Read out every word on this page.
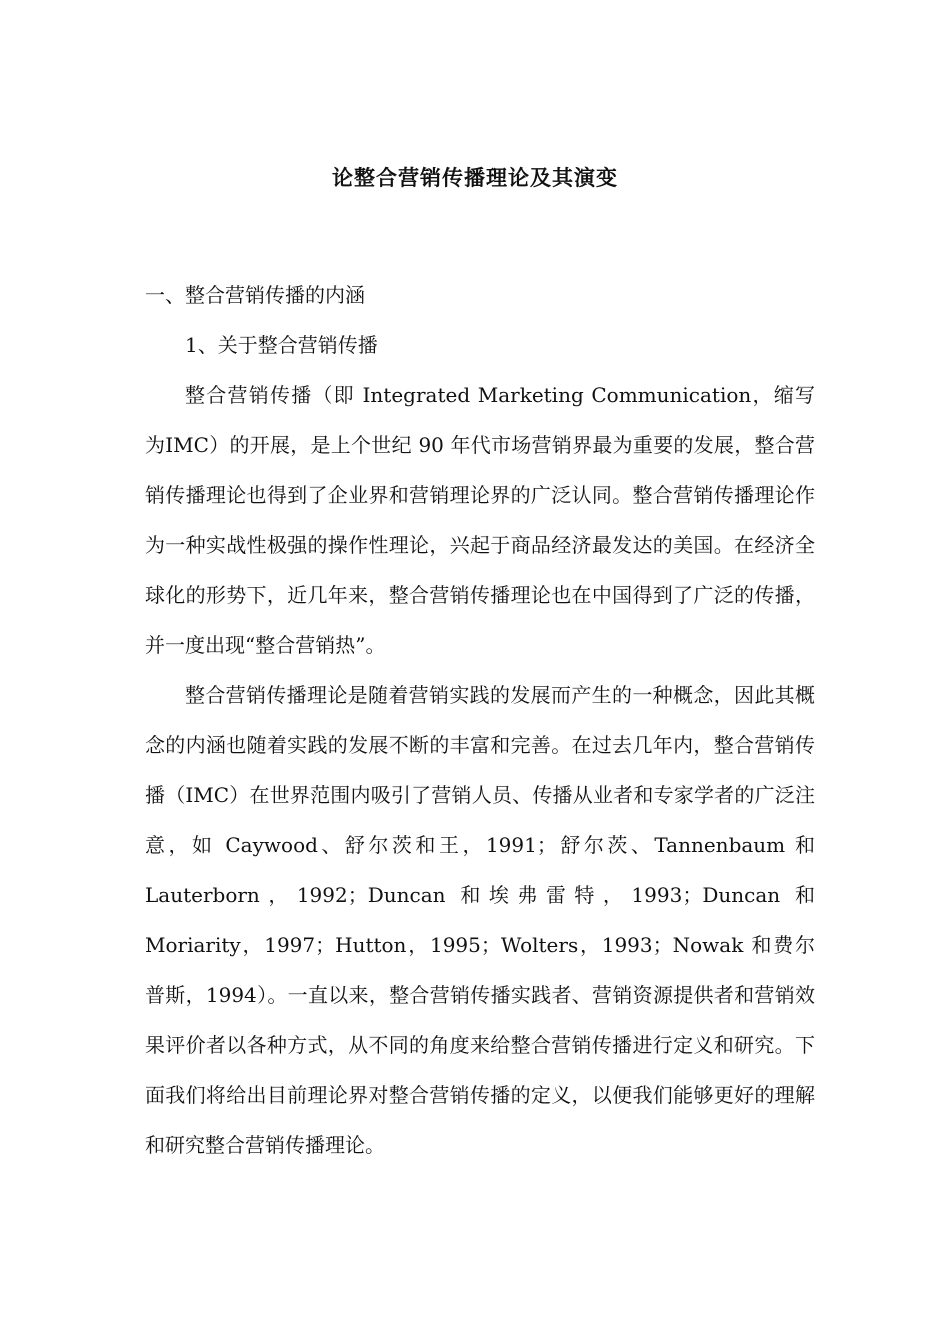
论整合营销传播理论及其演变
一、整合营销传播的内涵
1、关于整合营销传播

整合营销传播（即 Integrated Marketing Communication，缩写为IMC）的开展，是上个世纪 90 年代市场营销界最为重要的发展，整合营销传播理论也得到了企业界和营销理论界的广泛认同。整合营销传播理论作为一种实战性极强的操作性理论，兴起于商品经济最发达的美国。在经济全球化的形势下，近几年来，整合营销传播理论也在中国得到了广泛的传播，并一度出现“整合营销热”。

整合营销传播理论是随着营销实践的发展而产生的一种概念，因此其概念的内涵也随着实践的发展不断的丰富和完善。在过去几年内，整合营销传播（IMC）在世界范围内吸引了营销人员、传播从业者和专家学者的广泛注意，如 Caywood、舒尔茨和王，1991；舒尔茨、Tannenbaum 和 Lauterborn，1992；Duncan 和埃弗雷特，1993；Duncan 和 Moriarity，1997；Hutton，1995；Wolters，1993；Nowak 和费尔普斯，1994）。一直以来，整合营销传播实践者、营销资源提供者和营销效果评价者以各种方式，从不同的角度来给整合营销传播进行定义和研究。下面我们将给出目前理论界对整合营销传播的定义，以便我们能够更好的理解和研究整合营销传播理论。
